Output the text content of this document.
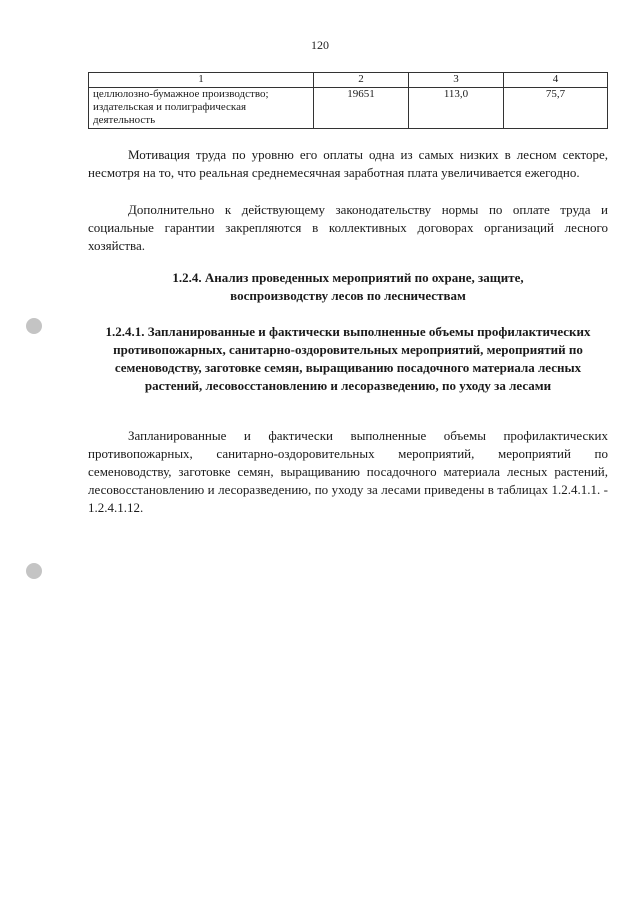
120
1	2	3	4
целлюлозно-бумажное производство; издательская и полиграфическая деятельность	19651	113,0	75,7

Мотивация труда по уровню его оплаты одна из самых низких в лесном секторе, несмотря на то, что реальная среднемесячная заработная плата увеличивается ежегодно.

Дополнительно к действующему законодательству нормы по оплате труда и социальные гарантии закрепляются в коллективных договорах организаций лесного хозяйства.

1.2.4. Анализ проведенных мероприятий по охране, защите, воспроизводству лесов по лесничествам

1.2.4.1. Запланированные и фактически выполненные объемы профилактических противопожарных, санитарно-оздоровительных мероприятий, мероприятий по семеноводству, заготовке семян, выращиванию посадочного материала лесных растений, лесовосстановлению и лесоразведению, по уходу за лесами

Запланированные и фактически выполненные объемы профилактических противопожарных, санитарно-оздоровительных мероприятий, мероприятий по семеноводству, заготовке семян, выращиванию посадочного материала лесных растений, лесовосстановлению и лесоразведению, по уходу за лесами приведены в таблицах 1.2.4.1.1. - 1.2.4.1.12.
